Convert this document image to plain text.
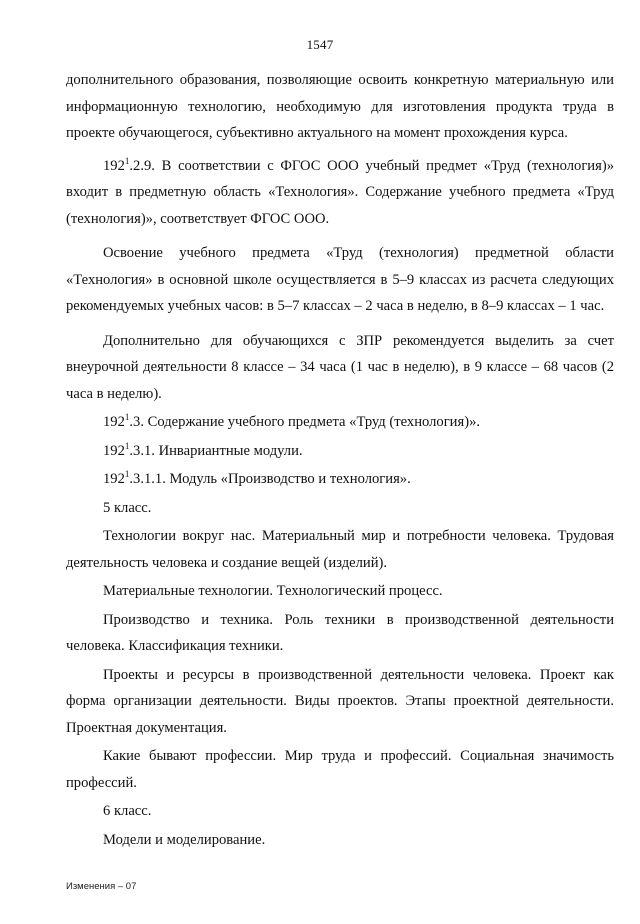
1547

дополнительного образования, позволяющие освоить конкретную материальную или информационную технологию, необходимую для изготовления продукта труда в проекте обучающегося, субъективно актуального на момент прохождения курса.

$192^1.2.9$. В соответствии с ФГОС ООО учебный предмет «Труд (технология)» входит в предметную область «Технология». Содержание учебного предмета «Труд (технология)», соответствует ФГОС ООО.

Освоение учебного предмета «Труд (технология) предметной области «Технология» в основной школе осуществляется в 5–9 классах из расчета следующих рекомендуемых учебных часов: в 5–7 классах – 2 часа в неделю, в 8–9 классах – 1 час.

Дополнительно для обучающихся с ЗПР рекомендуется выделить за счет внеурочной деятельности 8 классе – 34 часа (1 час в неделю), в 9 классе – 68 часов (2 часа в неделю).

$192^1.3$. Содержание учебного предмета «Труд (технология)».

$192^1.3.1$. Инвариантные модули.

$192^1.3.1.1$. Модуль «Производство и технология».

5 класс.

Технологии вокруг нас. Материальный мир и потребности человека. Трудовая деятельность человека и создание вещей (изделий).

Материальные технологии. Технологический процесс.

Производство и техника. Роль техники в производственной деятельности человека. Классификация техники.

Проекты и ресурсы в производственной деятельности человека. Проект как форма организации деятельности. Виды проектов. Этапы проектной деятельности. Проектная документация.

Какие бывают профессии. Мир труда и профессий. Социальная значимость профессий.

6 класс.

Модели и моделирование.

Изменения – 07
